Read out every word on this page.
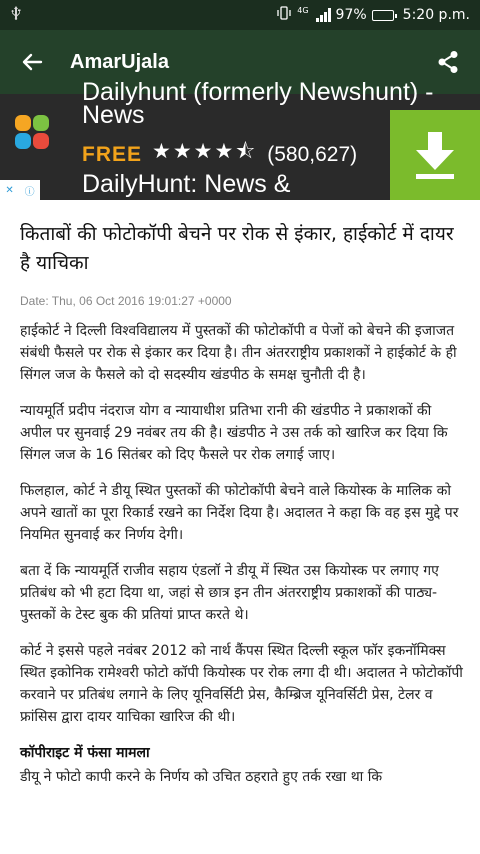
4G 97%	5:20 p.m.
AmarUjala
Dailyhunt (formerly Newshunt) -
News
FREE ★★★★⯪ (580,627)
DailyHunt: News &
✕ ⓘ
किताबों की फोटोकॉपी बेचने पर रोक से इंकार, हाईकोर्ट में दायर है याचिका
Date: Thu, 06 Oct 2016 19:01:27 +0000

हाईकोर्ट ने दिल्ली विश्वविद्यालय में पुस्तकों की फोटोकॉपी व पेजों को बेचने की इजाजत संबंधी फैसले पर रोक से इंकार कर दिया है। तीन अंतरराष्ट्रीय प्रकाशकों ने हाईकोर्ट के ही सिंगल जज के फैसले को दो सदस्यीय खंडपीठ के समक्ष चुनौती दी है।

न्यायमूर्ति प्रदीप नंदराज योग व न्यायाधीश प्रतिभा रानी की खंडपीठ ने प्रकाशकों की अपील पर सुनवाई 29 नवंबर तय की है। खंडपीठ ने उस तर्क को खारिज कर दिया कि सिंगल जज के 16 सितंबर को दिए फैसले पर रोक लगाई जाए।

फिलहाल, कोर्ट ने डीयू स्थित पुस्तकों की फोटोकॉपी बेचने वाले कियोस्क के मालिक को अपने खातों का पूरा रिकार्ड रखने का निर्देश दिया है। अदालत ने कहा कि वह इस मुद्दे पर नियमित सुनवाई कर निर्णय देगी।

बता दें कि न्यायमूर्ति राजीव सहाय एंडलॉ ने डीयू में स्थित उस कियोस्क पर लगाए गए प्रतिबंध को भी हटा दिया था, जहां से छात्र इन तीन अंतरराष्ट्रीय प्रकाशकों की पाठ्य-पुस्तकों के टेस्ट बुक की प्रतियां प्राप्त करते थे।

कोर्ट ने इससे पहले नवंबर 2012 को नार्थ कैंपस स्थित दिल्ली स्कूल फॉर इकनॉमिक्स स्थित इकोनिक रामेश्वरी फोटो कॉपी कियोस्क पर रोक लगा दी थी। अदालत ने फोटोकॉपी करवाने पर प्रतिबंध लगाने के लिए यूनिवर्सिटी प्रेस, कैम्ब्रिज यूनिवर्सिटी प्रेस, टेलर व फ्रांसिस द्वारा दायर याचिका खारिज की थी।

कॉपीराइट में फंसा मामला

डीयू ने फोटो कापी करने के निर्णय को उचित ठहराते हुए तर्क रखा था कि
